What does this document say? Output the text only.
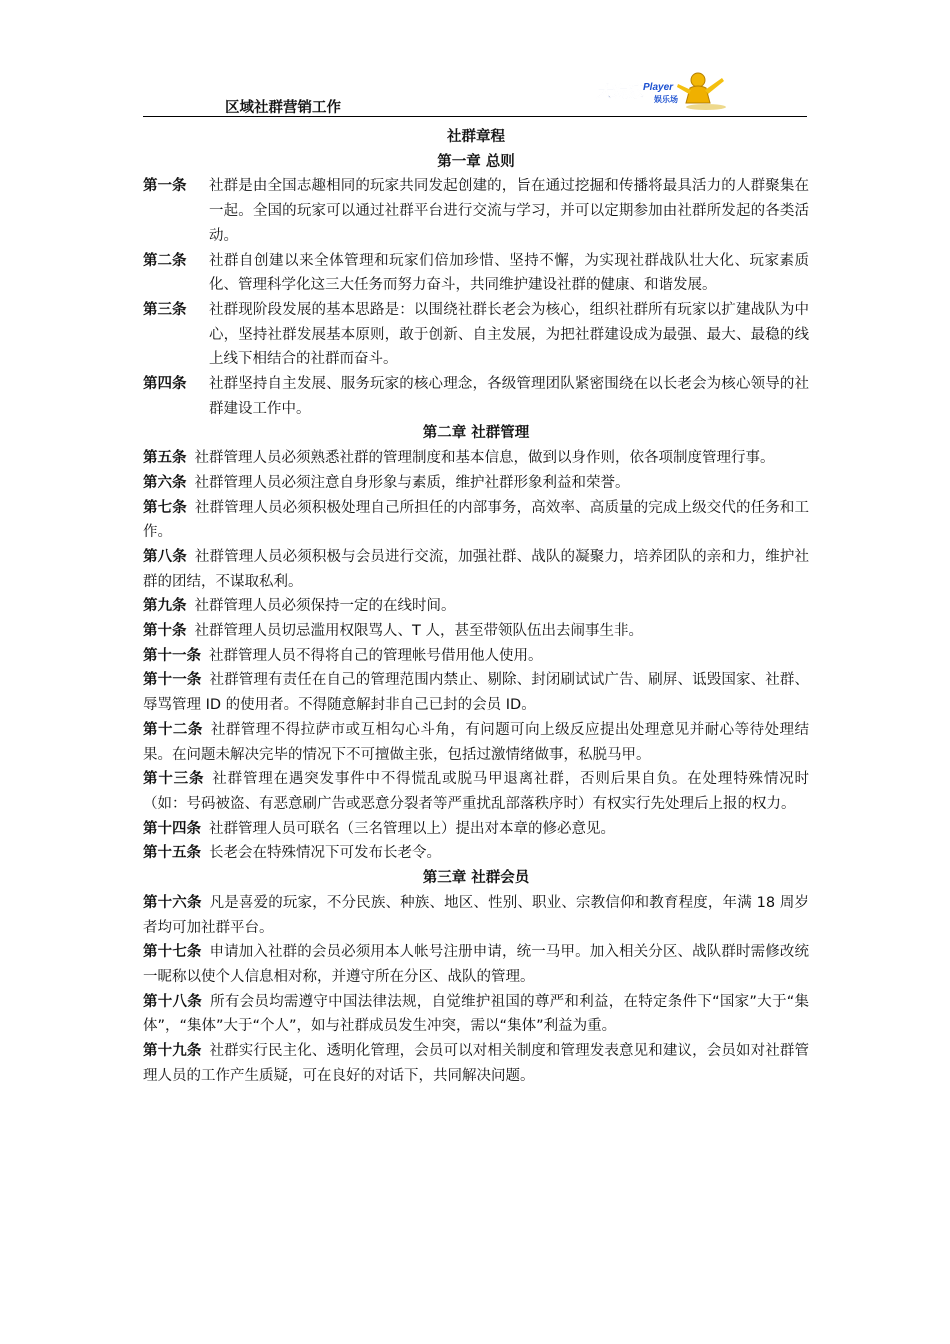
区域社群营销工作
大玩家
Player
娱乐场
社群章程
第一章 总则
第一条	社群是由全国志趣相同的玩家共同发起创建的，旨在通过挖掘和传播将最具活力的人群聚集在一起。全国的玩家可以通过社群平台进行交流与学习，并可以定期参加由社群所发起的各类活动。
第二条	社群自创建以来全体管理和玩家们倍加珍惜、坚持不懈，为实现社群战队壮大化、玩家素质化、管理科学化这三大任务而努力奋斗，共同维护建设社群的健康、和谐发展。
第三条	社群现阶段发展的基本思路是：以围绕社群长老会为核心，组织社群所有玩家以扩建战队为中心，坚持社群发展基本原则，敢于创新、自主发展，为把社群建设成为最强、最大、最稳的线上线下相结合的社群而奋斗。
第四条	社群坚持自主发展、服务玩家的核心理念，各级管理团队紧密围绕在以长老会为核心领导的社群建设工作中。
第二章 社群管理
第五条 社群管理人员必须熟悉社群的管理制度和基本信息，做到以身作则，依各项制度管理行事。
第六条 社群管理人员必须注意自身形象与素质，维护社群形象利益和荣誉。
第七条 社群管理人员必须积极处理自己所担任的内部事务，高效率、高质量的完成上级交代的任务和工作。
第八条 社群管理人员必须积极与会员进行交流，加强社群、战队的凝聚力，培养团队的亲和力，维护社群的团结，不谋取私利。
第九条 社群管理人员必须保持一定的在线时间。
第十条 社群管理人员切忌滥用权限骂人、T 人，甚至带领队伍出去闹事生非。
第十一条 社群管理人员不得将自己的管理帐号借用他人使用。
第十一条 社群管理有责任在自己的管理范围内禁止、剔除、封闭刷试试广告、刷屏、诋毁国家、社群、辱骂管理 ID 的使用者。不得随意解封非自己已封的会员 ID。
第十二条 社群管理不得拉萨市或互相勾心斗角，有问题可向上级反应提出处理意见并耐心等待处理结果。在问题未解决完毕的情况下不可擅做主张，包括过激情绪做事，私脱马甲。
第十三条 社群管理在遇突发事件中不得慌乱或脱马甲退离社群，否则后果自负。在处理特殊情况时（如：号码被盗、有恶意刷广告或恶意分裂者等严重扰乱部落秩序时）有权实行先处理后上报的权力。
第十四条 社群管理人员可联名（三名管理以上）提出对本章的修必意见。
第十五条 长老会在特殊情况下可发布长老令。
第三章 社群会员
第十六条 凡是喜爱的玩家，不分民族、种族、地区、性别、职业、宗教信仰和教育程度，年满 18 周岁者均可加社群平台。
第十七条 申请加入社群的会员必须用本人帐号注册申请，统一马甲。加入相关分区、战队群时需修改统一昵称以使个人信息相对称，并遵守所在分区、战队的管理。
第十八条 所有会员均需遵守中国法律法规，自觉维护祖国的尊严和利益，在特定条件下“国家”大于“集体”，“集体”大于“个人”，如与社群成员发生冲突，需以“集体”利益为重。
第十九条 社群实行民主化、透明化管理，会员可以对相关制度和管理发表意见和建议，会员如对社群管理人员的工作产生质疑，可在良好的对话下，共同解决问题。
